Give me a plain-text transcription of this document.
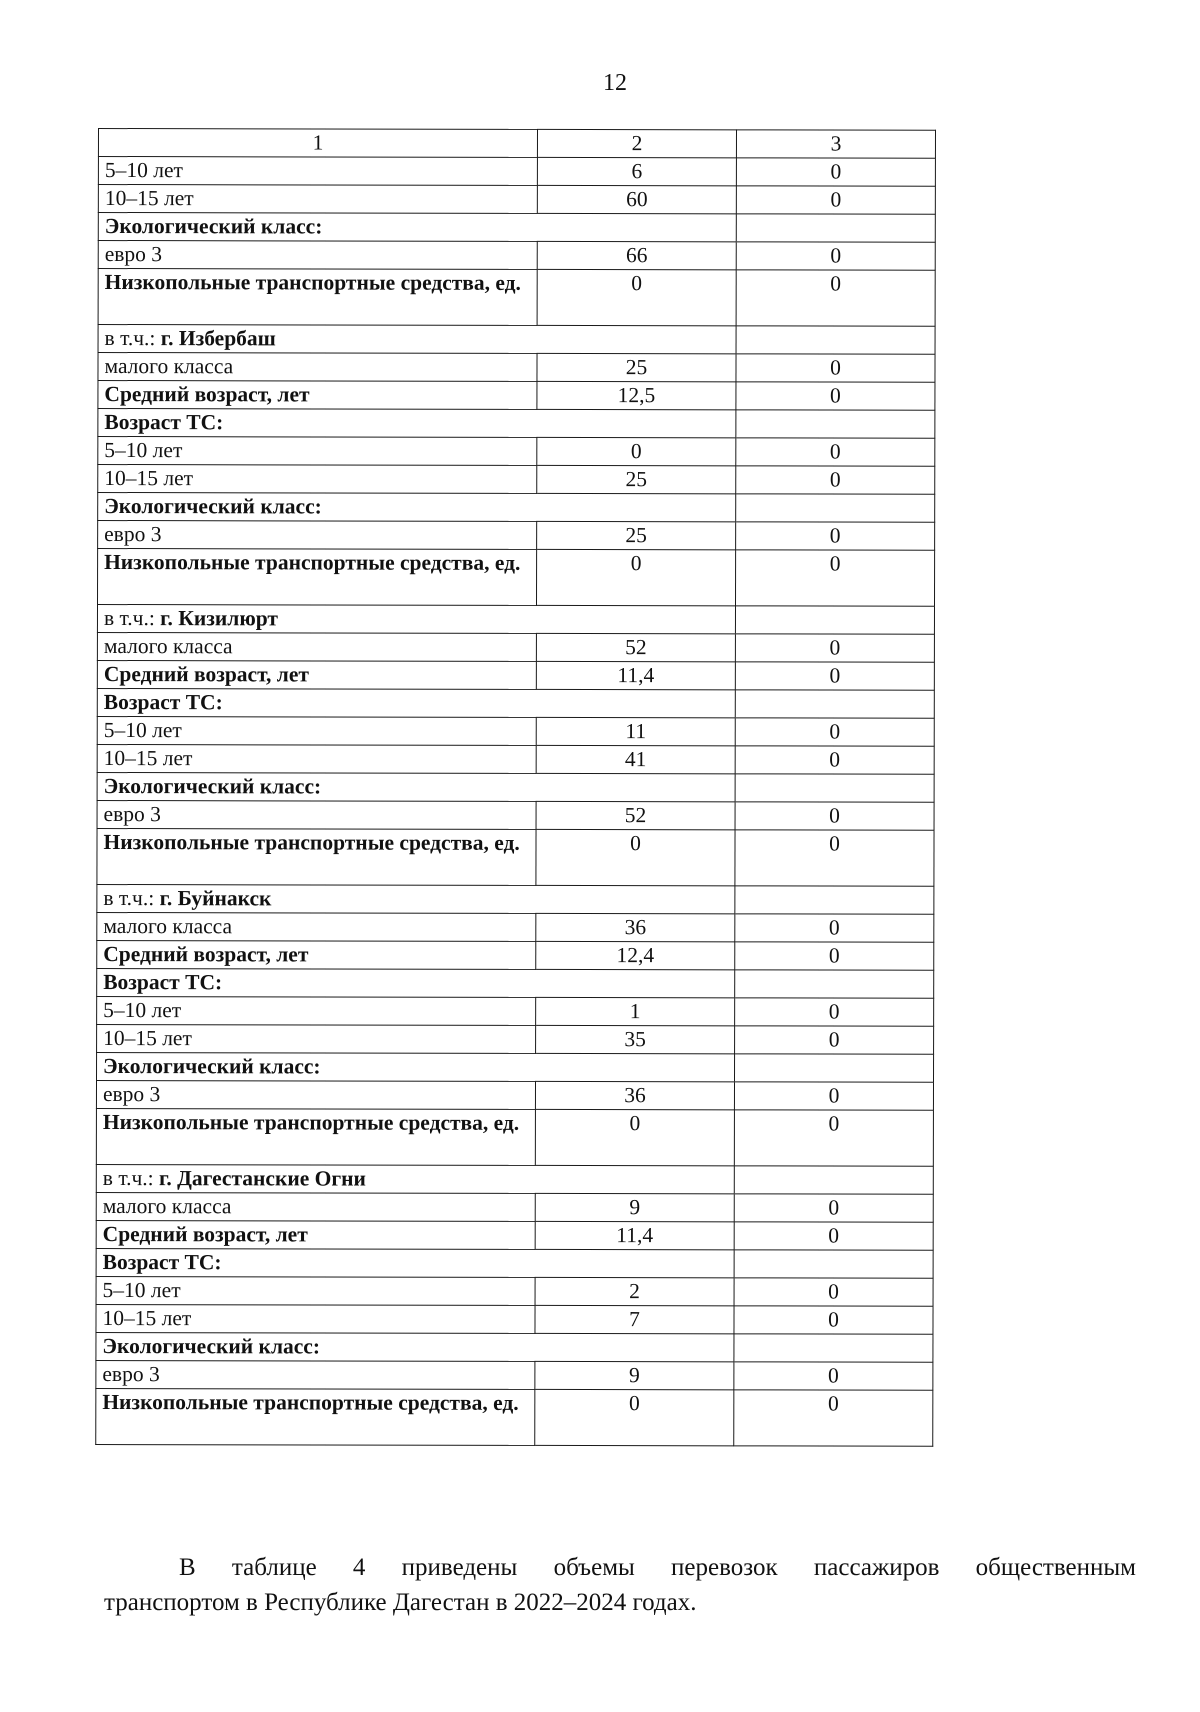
12
1	2	3
5–10 лет	6	0
10–15 лет	60	0
Экологический класс:		
евро 3	66	0
Низкопольные транспортные средства, ед.	0	0
в т.ч.: г. Избербаш		
малого класса	25	0
Средний возраст, лет	12,5	0
Возраст ТС:		
5–10 лет	0	0
10–15 лет	25	0
Экологический класс:		
евро 3	25	0
Низкопольные транспортные средства, ед.	0	0
в т.ч.: г. Кизилюрт		
малого класса	52	0
Средний возраст, лет	11,4	0
Возраст ТС:		
5–10 лет	11	0
10–15 лет	41	0
Экологический класс:		
евро 3	52	0
Низкопольные транспортные средства, ед.	0	0
в т.ч.: г. Буйнакск		
малого класса	36	0
Средний возраст, лет	12,4	0
Возраст ТС:		
5–10 лет	1	0
10–15 лет	35	0
Экологический класс:		
евро 3	36	0
Низкопольные транспортные средства, ед.	0	0
в т.ч.: г. Дагестанские Огни		
малого класса	9	0
Средний возраст, лет	11,4	0
Возраст ТС:		
5–10 лет	2	0
10–15 лет	7	0
Экологический класс:		
евро 3	9	0
Низкопольные транспортные средства, ед.	0	0
В таблице 4 приведены объемы перевозок пассажиров общественным
транспортом в Республике Дагестан в 2022–2024 годах.
